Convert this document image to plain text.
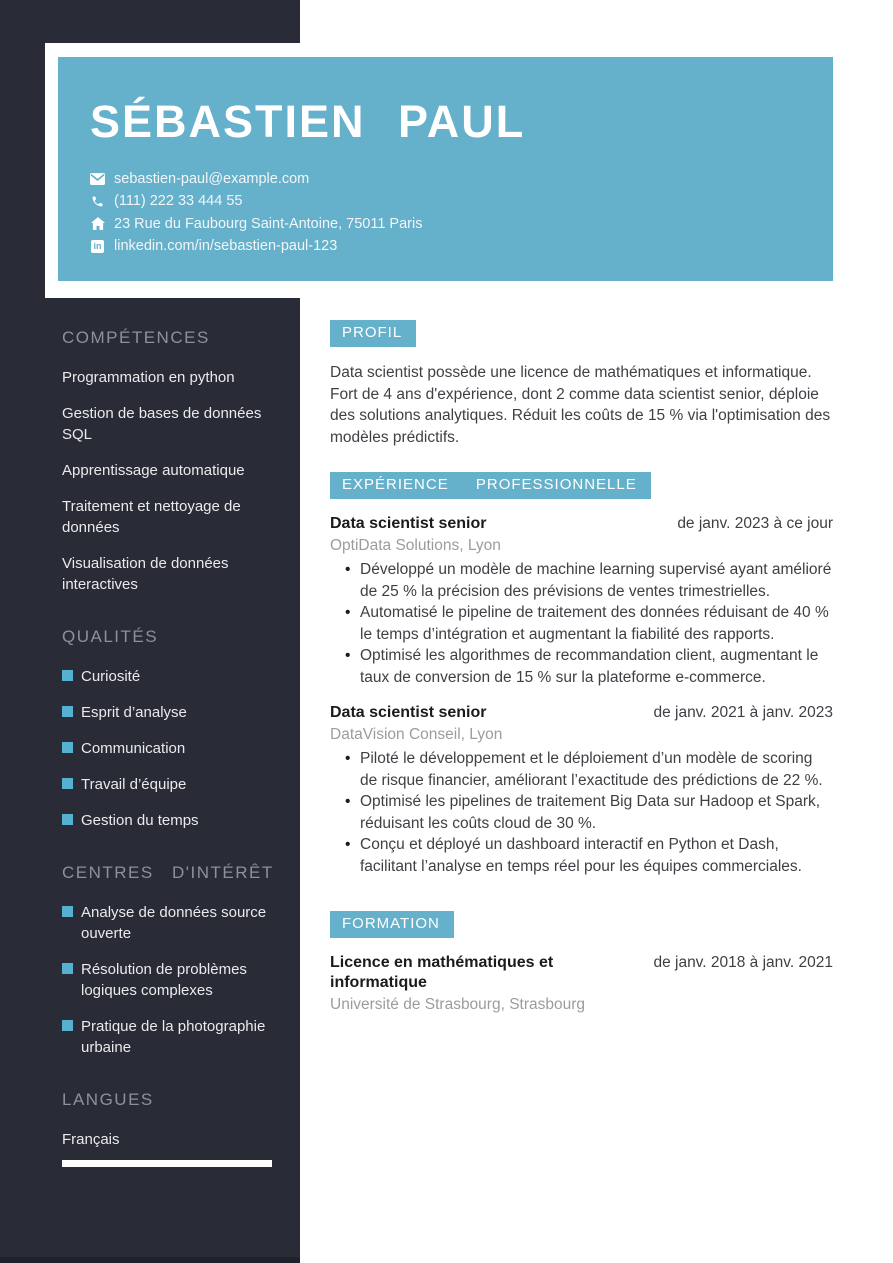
SÉBASTIEN PAUL
sebastien-paul@example.com
(111) 222 33 444 55
23 Rue du Faubourg Saint-Antoine, 75011 Paris
in linkedin.com/in/sebastien-paul-123
COMPÉTENCES
Programmation en python
Gestion de bases de données SQL
Apprentissage automatique
Traitement et nettoyage de données
Visualisation de données interactives
QUALITÉS
Curiosité
Esprit d’analyse
Communication
Travail d’équipe
Gestion du temps
CENTRES D'INTÉRÊT
Analyse de données source ouverte
Résolution de problèmes logiques complexes
Pratique de la photographie urbaine
LANGUES
Français
PROFIL

Data scientist possède une licence de mathématiques et informatique. Fort de 4 ans d'expérience, dont 2 comme data scientist senior, déploie des solutions analytiques. Réduit les coûts de 15 % via l'optimisation des modèles prédictifs.

EXPÉRIENCE PROFESSIONNELLE
Data scientist senior	de janv. 2023 à ce jour
OptiData Solutions, Lyon
• Développé un modèle de machine learning supervisé ayant amélioré de 25 % la précision des prévisions de ventes trimestrielles.
• Automatisé le pipeline de traitement des données réduisant de 40 % le temps d’intégration et augmentant la fiabilité des rapports.
• Optimisé les algorithmes de recommandation client, augmentant le taux de conversion de 15 % sur la plateforme e-commerce.
Data scientist senior	de janv. 2021 à janv. 2023
DataVision Conseil, Lyon
• Piloté le développement et le déploiement d’un modèle de scoring de risque financier, améliorant l’exactitude des prédictions de 22 %.
• Optimisé les pipelines de traitement Big Data sur Hadoop et Spark, réduisant les coûts cloud de 30 %.
• Conçu et déployé un dashboard interactif en Python et Dash, facilitant l’analyse en temps réel pour les équipes commerciales.
FORMATION
Licence en mathématiques et informatique
de janv. 2018 à janv. 2021
Université de Strasbourg, Strasbourg
